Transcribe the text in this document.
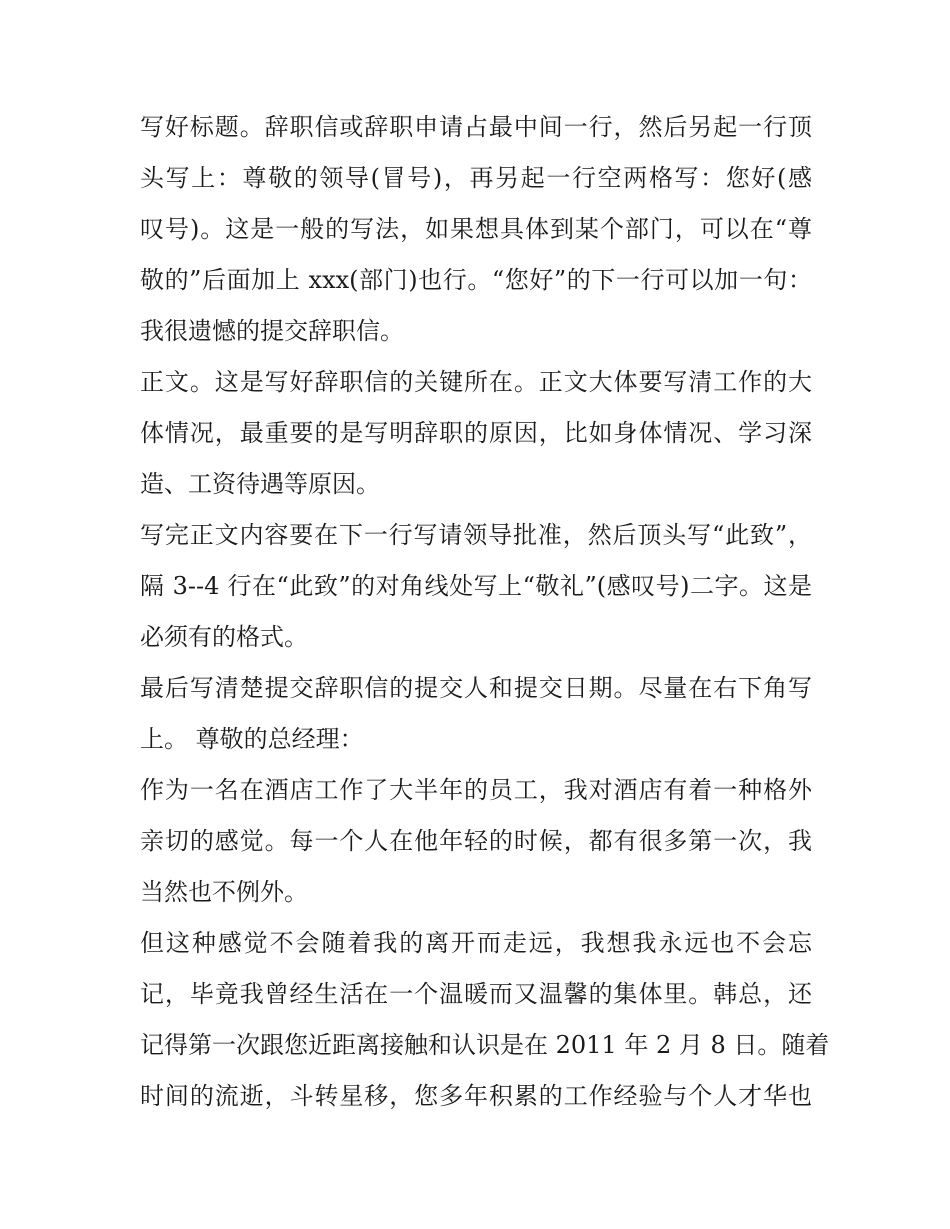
写好标题。辞职信或辞职申请占最中间一行，然后另起一行顶
头写上：尊敬的领导(冒号)，再另起一行空两格写：您好(感
叹号)。这是一般的写法，如果想具体到某个部门，可以在“尊
敬的”后面加上 xxx(部门)也行。“您好”的下一行可以加一句：
我很遗憾的提交辞职信。
正文。这是写好辞职信的关键所在。正文大体要写清工作的大
体情况，最重要的是写明辞职的原因，比如身体情况、学习深
造、工资待遇等原因。
写完正文内容要在下一行写请领导批准，然后顶头写“此致”，
隔 3--4 行在“此致”的对角线处写上“敬礼”(感叹号)二字。这是
必须有的格式。
最后写清楚提交辞职信的提交人和提交日期。尽量在右下角写
上。 尊敬的总经理：
作为一名在酒店工作了大半年的员工，我对酒店有着一种格外
亲切的感觉。每一个人在他年轻的时候，都有很多第一次，我
当然也不例外。
但这种感觉不会随着我的离开而走远，我想我永远也不会忘
记，毕竟我曾经生活在一个温暖而又温馨的集体里。韩总，还
记得第一次跟您近距离接触和认识是在 2011 年 2 月 8 日。随着
时间的流逝，斗转星移，您多年积累的工作经验与个人才华也
